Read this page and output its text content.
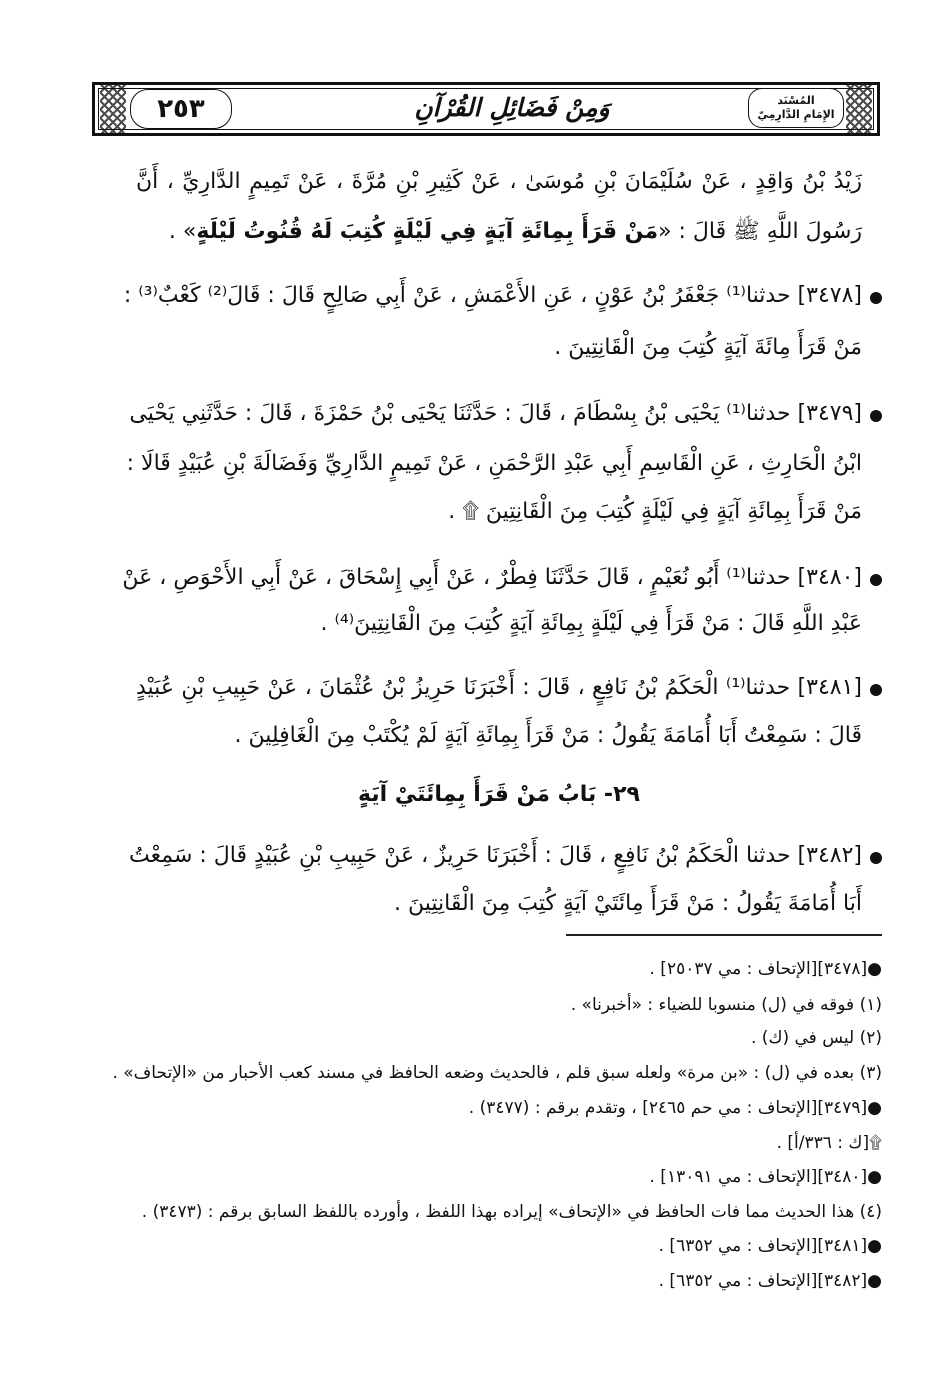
٢٥٣	وَمِنْ فَضَائِلِ القُرْآنِ	المُسْنَد
الإِمَامِ الدَّارِمِيّ
زَيْدُ بْنُ وَاقِدٍ ، عَنْ سُلَيْمَانَ بْنِ مُوسَىٰ ، عَنْ كَثِيرِ بْنِ مُرَّةَ ، عَنْ تَمِيمٍ الدَّارِيِّ ، أَنَّ
رَسُولَ اللَّهِ ﷺ قَالَ : «مَنْ قَرَأَ بِمِائَةِ آيَةٍ فِي لَيْلَةٍ كُتِبَ لَهُ قُنُوتُ لَيْلَةٍ» .
[٣٤٧٨] حدثنا⁽¹⁾ جَعْفَرُ بْنُ عَوْنٍ ، عَنِ الأَعْمَشِ ، عَنْ أَبِي صَالِحٍ قَالَ : قَالَ⁽²⁾ كَعْبٌ⁽³⁾ :
مَنْ قَرَأَ مِائَةَ آيَةٍ كُتِبَ مِنَ الْقَانِتِينَ .
[٣٤٧٩] حدثنا⁽¹⁾ يَحْيَى بْنُ بِسْطَامَ ، قَالَ : حَدَّثَنَا يَحْيَى بْنُ حَمْزَةَ ، قَالَ : حَدَّثَنِي يَحْيَى
ابْنُ الْحَارِثِ ، عَنِ الْقَاسِمِ أَبِي عَبْدِ الرَّحْمَنِ ، عَنْ تَمِيمٍ الدَّارِيِّ وَفَضَالَةَ بْنِ عُبَيْدٍ قَالَا :
مَنْ قَرَأَ بِمِائَةِ آيَةٍ فِي لَيْلَةٍ كُتِبَ مِنَ الْقَانِتِينَ ۩ .
[٣٤٨٠] حدثنا⁽¹⁾ أَبُو نُعَيْمٍ ، قَالَ حَدَّثَنَا فِطْرٌ ، عَنْ أَبِي إِسْحَاقَ ، عَنْ أَبِي الأَحْوَصِ ، عَنْ
عَبْدِ اللَّهِ قَالَ : مَنْ قَرَأَ فِي لَيْلَةٍ بِمِائَةِ آيَةٍ كُتِبَ مِنَ الْقَانِتِينَ⁽⁴⁾ .
[٣٤٨١] حدثنا⁽¹⁾ الْحَكَمُ بْنُ نَافِعٍ ، قَالَ : أَخْبَرَنَا حَرِيزُ بْنُ عُثْمَانَ ، عَنْ حَبِيبِ بْنِ عُبَيْدٍ
قَالَ : سَمِعْتُ أَبَا أُمَامَةَ يَقُولُ : مَنْ قَرَأَ بِمِائَةِ آيَةٍ لَمْ يُكْتَبْ مِنَ الْغَافِلِينَ .
٢٩- بَابُ مَنْ قَرَأَ بِمِائَتَيْ آيَةٍ
[٣٤٨٢] حدثنا الْحَكَمُ بْنُ نَافِعٍ ، قَالَ : أَخْبَرَنَا حَرِيزٌ ، عَنْ حَبِيبِ بْنِ عُبَيْدٍ قَالَ : سَمِعْتُ
أَبَا أُمَامَةَ يَقُولُ : مَنْ قَرَأَ مِائَتَيْ آيَةٍ كُتِبَ مِنَ الْقَانِتِينَ .
●[٣٤٧٨][الإتحاف : مي ٢٥٠٣٧] .
(١) فوقه في (ل) منسوبا للضياء : «أخبرنا» .
(٢) ليس في (ك) .
(٣) بعده في (ل) : «بن مرة» ولعله سبق قلم ، فالحديث وضعه الحافظ في مسند كعب الأحبار من «الإتحاف» .
●[٣٤٧٩][الإتحاف : مي حم ٢٤٦٥] ، وتقدم برقم : (٣٤٧٧) .
۩[ك : ٣٣٦/أ] .
●[٣٤٨٠][الإتحاف : مي ١٣٠٩١] .
(٤) هذا الحديث مما فات الحافظ في «الإتحاف» إيراده بهذا اللفظ ، وأورده باللفظ السابق برقم : (٣٤٧٣) .
●[٣٤٨١][الإتحاف : مي ٦٣٥٢] .
●[٣٤٨٢][الإتحاف : مي ٦٣٥٢] .
